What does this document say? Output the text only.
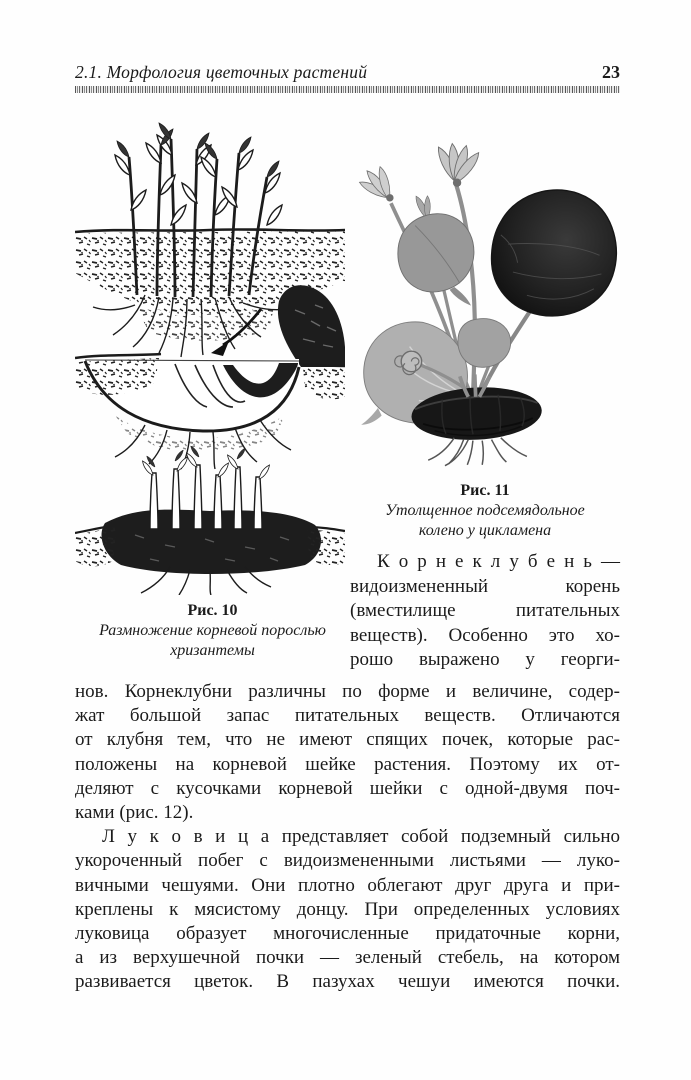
2.1. Морфология цветочных растений	23
Рис. 10
Размножение корневой порослью
хризантемы
Рис. 11
Утолщенное подсемядольное
колено у цикламена
К о р н е к л у б е н ь —
видоизмененный корень
(вместилище питательных
веществ). Особенно это хо-
рошо выражено у георги-
нов. Корнеклубни различны по форме и величине, содер-
жат большой запас питательных веществ. Отличаются
от клубня тем, что не имеют спящих почек, которые рас-
положены на корневой шейке растения. Поэтому их от-
деляют с кусочками корневой шейки с одной-двумя поч-
ками (рис. 12).
Л у к о в и ц а представляет собой подземный сильно
укороченный побег с видоизмененными листьями — луко-
вичными чешуями. Они плотно облегают друг друга и при-
креплены к мясистому донцу. При определенных условиях
луковица образует многочисленные придаточные корни,
а из верхушечной почки — зеленый стебель, на котором
развивается цветок. В пазухах чешуи имеются почки.
